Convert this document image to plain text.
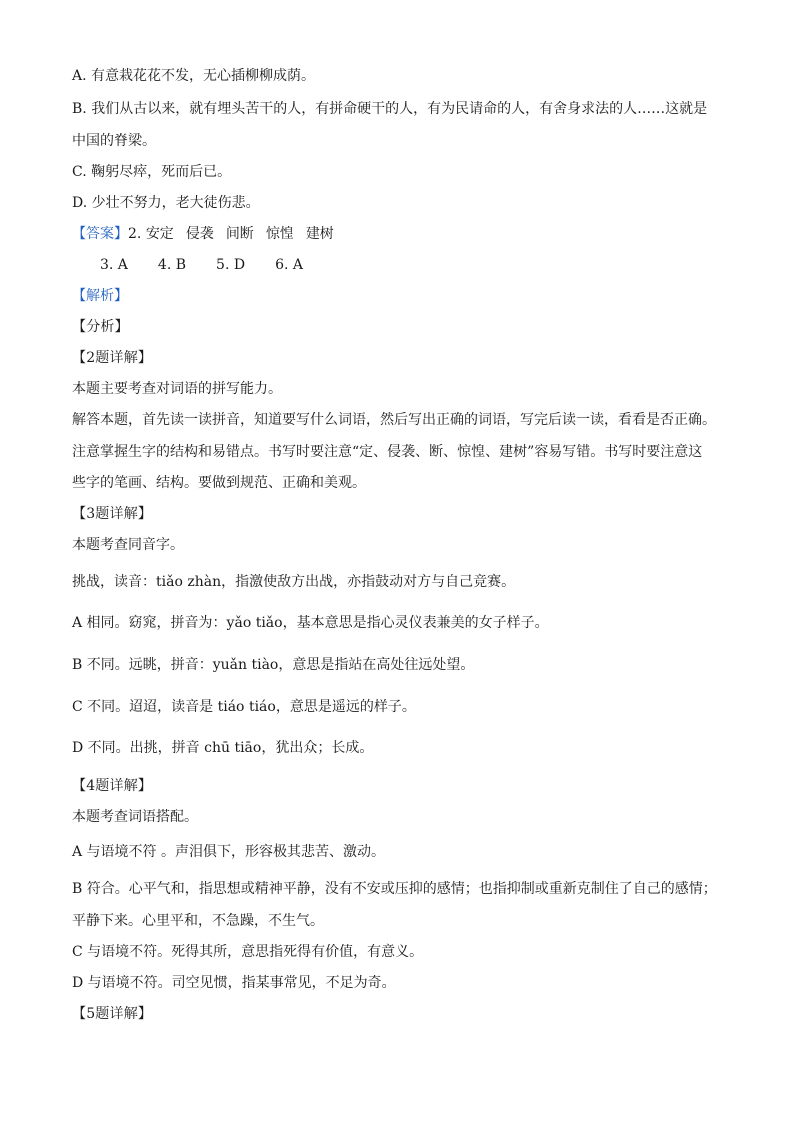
A. 有意栽花花不发，无心插柳柳成荫。
B. 我们从古以来，就有埋头苦干的人，有拼命硬干的人，有为民请命的人，有舍身求法的人……这就是
中国的脊梁。
C. 鞠躬尽瘁，死而后已。
D. 少壮不努力，老大徒伤悲。
【答案】2. 安定 侵袭 间断 惊惶 建树
3. A 4. B 5. D 6. A
【解析】
【分析】
【2题详解】
本题主要考查对词语的拼写能力。
解答本题，首先读一读拼音，知道要写什么词语，然后写出正确的词语，写完后读一读，看看是否正确。
注意掌握生字的结构和易错点。书写时要注意“定、侵袭、断、惊惶、建树”容易写错。书写时要注意这
些字的笔画、结构。要做到规范、正确和美观。
【3题详解】
本题考查同音字。
挑战，读音：tiǎo zhàn，指激使敌方出战，亦指鼓动对方与自己竞赛。
A 相同。窈窕，拼音为：yǎo tiǎo，基本意思是指心灵仪表兼美的女子样子。
B 不同。远眺，拼音：yuǎn tiào，意思是指站在高处往远处望。
C 不同。迢迢，读音是 tiáo tiáo，意思是遥远的样子。
D 不同。出挑，拼音 chū tiāo，犹出众；长成。
【4题详解】
本题考查词语搭配。
A 与语境不符 。声泪俱下，形容极其悲苦、激动。
B 符合。心平气和，指思想或精神平静，没有不安或压抑的感情；也指抑制或重新克制住了自己的感情；
平静下来。心里平和，不急躁，不生气。
C 与语境不符。死得其所，意思指死得有价值，有意义。
D 与语境不符。司空见惯，指某事常见，不足为奇。
【5题详解】
